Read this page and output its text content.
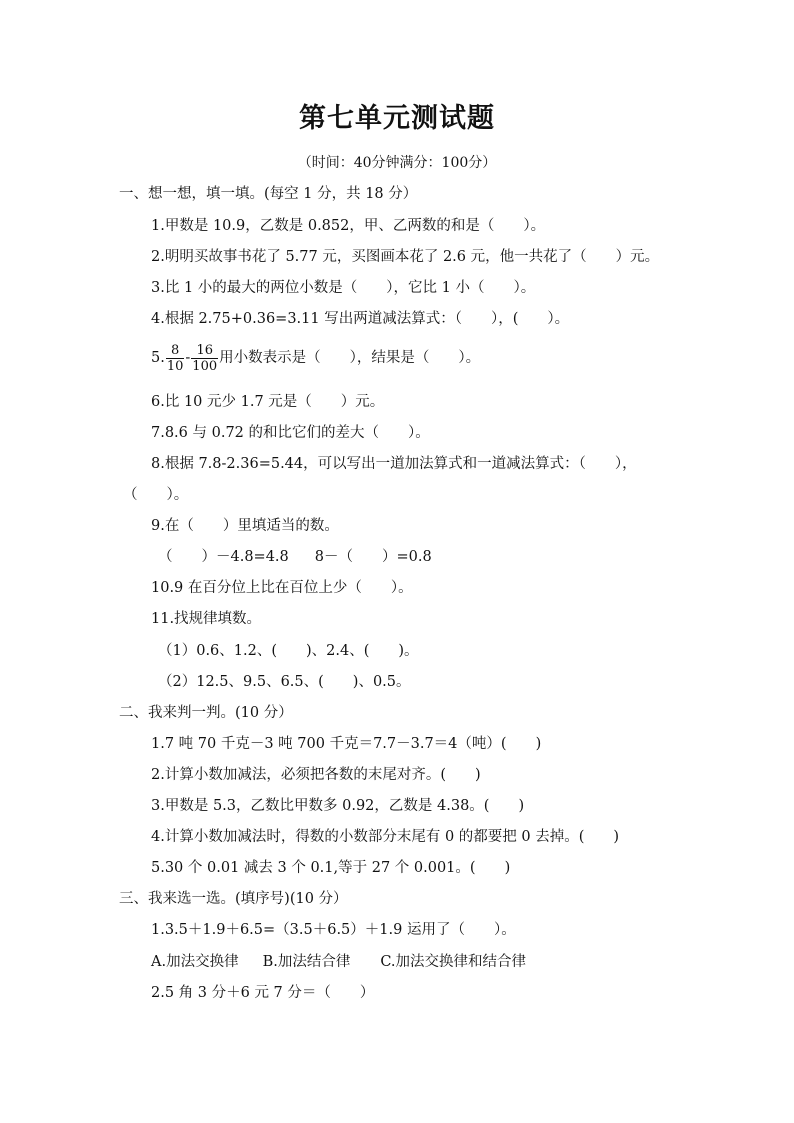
第七单元测试题
（时间：40分钟满分：100分）
一、想一想，填一填。(每空 1 分，共 18 分）
1.甲数是 10.9，乙数是 0.852，甲、乙两数的和是（　　）。
2.明明买故事书花了 5.77 元，买图画本花了 2.6 元，他一共花了（　　）元。
3.比 1 小的最大的两位小数是（　　），它比 1 小（　　）。
4.根据 2.75+0.36=3.11 写出两道减法算式：（　　），(　　）。
5. $\frac{8}{10} - \frac{16}{100}$ 用小数表示是（　　），结果是（　　）。
6.比 10 元少 1.7 元是（　　）元。
7.8.6 与 0.72 的和比它们的差大（　　）。
8.根据 7.8-2.36=5.44，可以写出一道加法算式和一道减法算式：（　　），
（　　）。
9.在（　　）里填适当的数。
（　　）－4.8=4.8 8－（　　）=0.8
10.9 在百分位上比在百位上少（　　）。
11.找规律填数。
（1）0.6、1.2、(　　)、2.4、(　　)。
（2）12.5、9.5、6.5、(　　)、0.5。
二、我来判一判。(10 分）
1.7 吨 70 千克－3 吨 700 千克＝7.7－3.7＝4（吨）(　　)
2.计算小数加减法，必须把各数的末尾对齐。(　　)
3.甲数是 5.3，乙数比甲数多 0.92，乙数是 4.38。(　　)
4.计算小数加减法时，得数的小数部分末尾有 0 的都要把 0 去掉。(　　)
5.30 个 0.01 减去 3 个 0.1,等于 27 个 0.001。(　　)
三、我来选一选。(填序号)(10 分）
1.3.5＋1.9＋6.5=（3.5＋6.5）＋1.9 运用了（　　）。
A.加法交换律 B.加法结合律 C.加法交换律和结合律
2.5 角 3 分＋6 元 7 分＝（　　）
